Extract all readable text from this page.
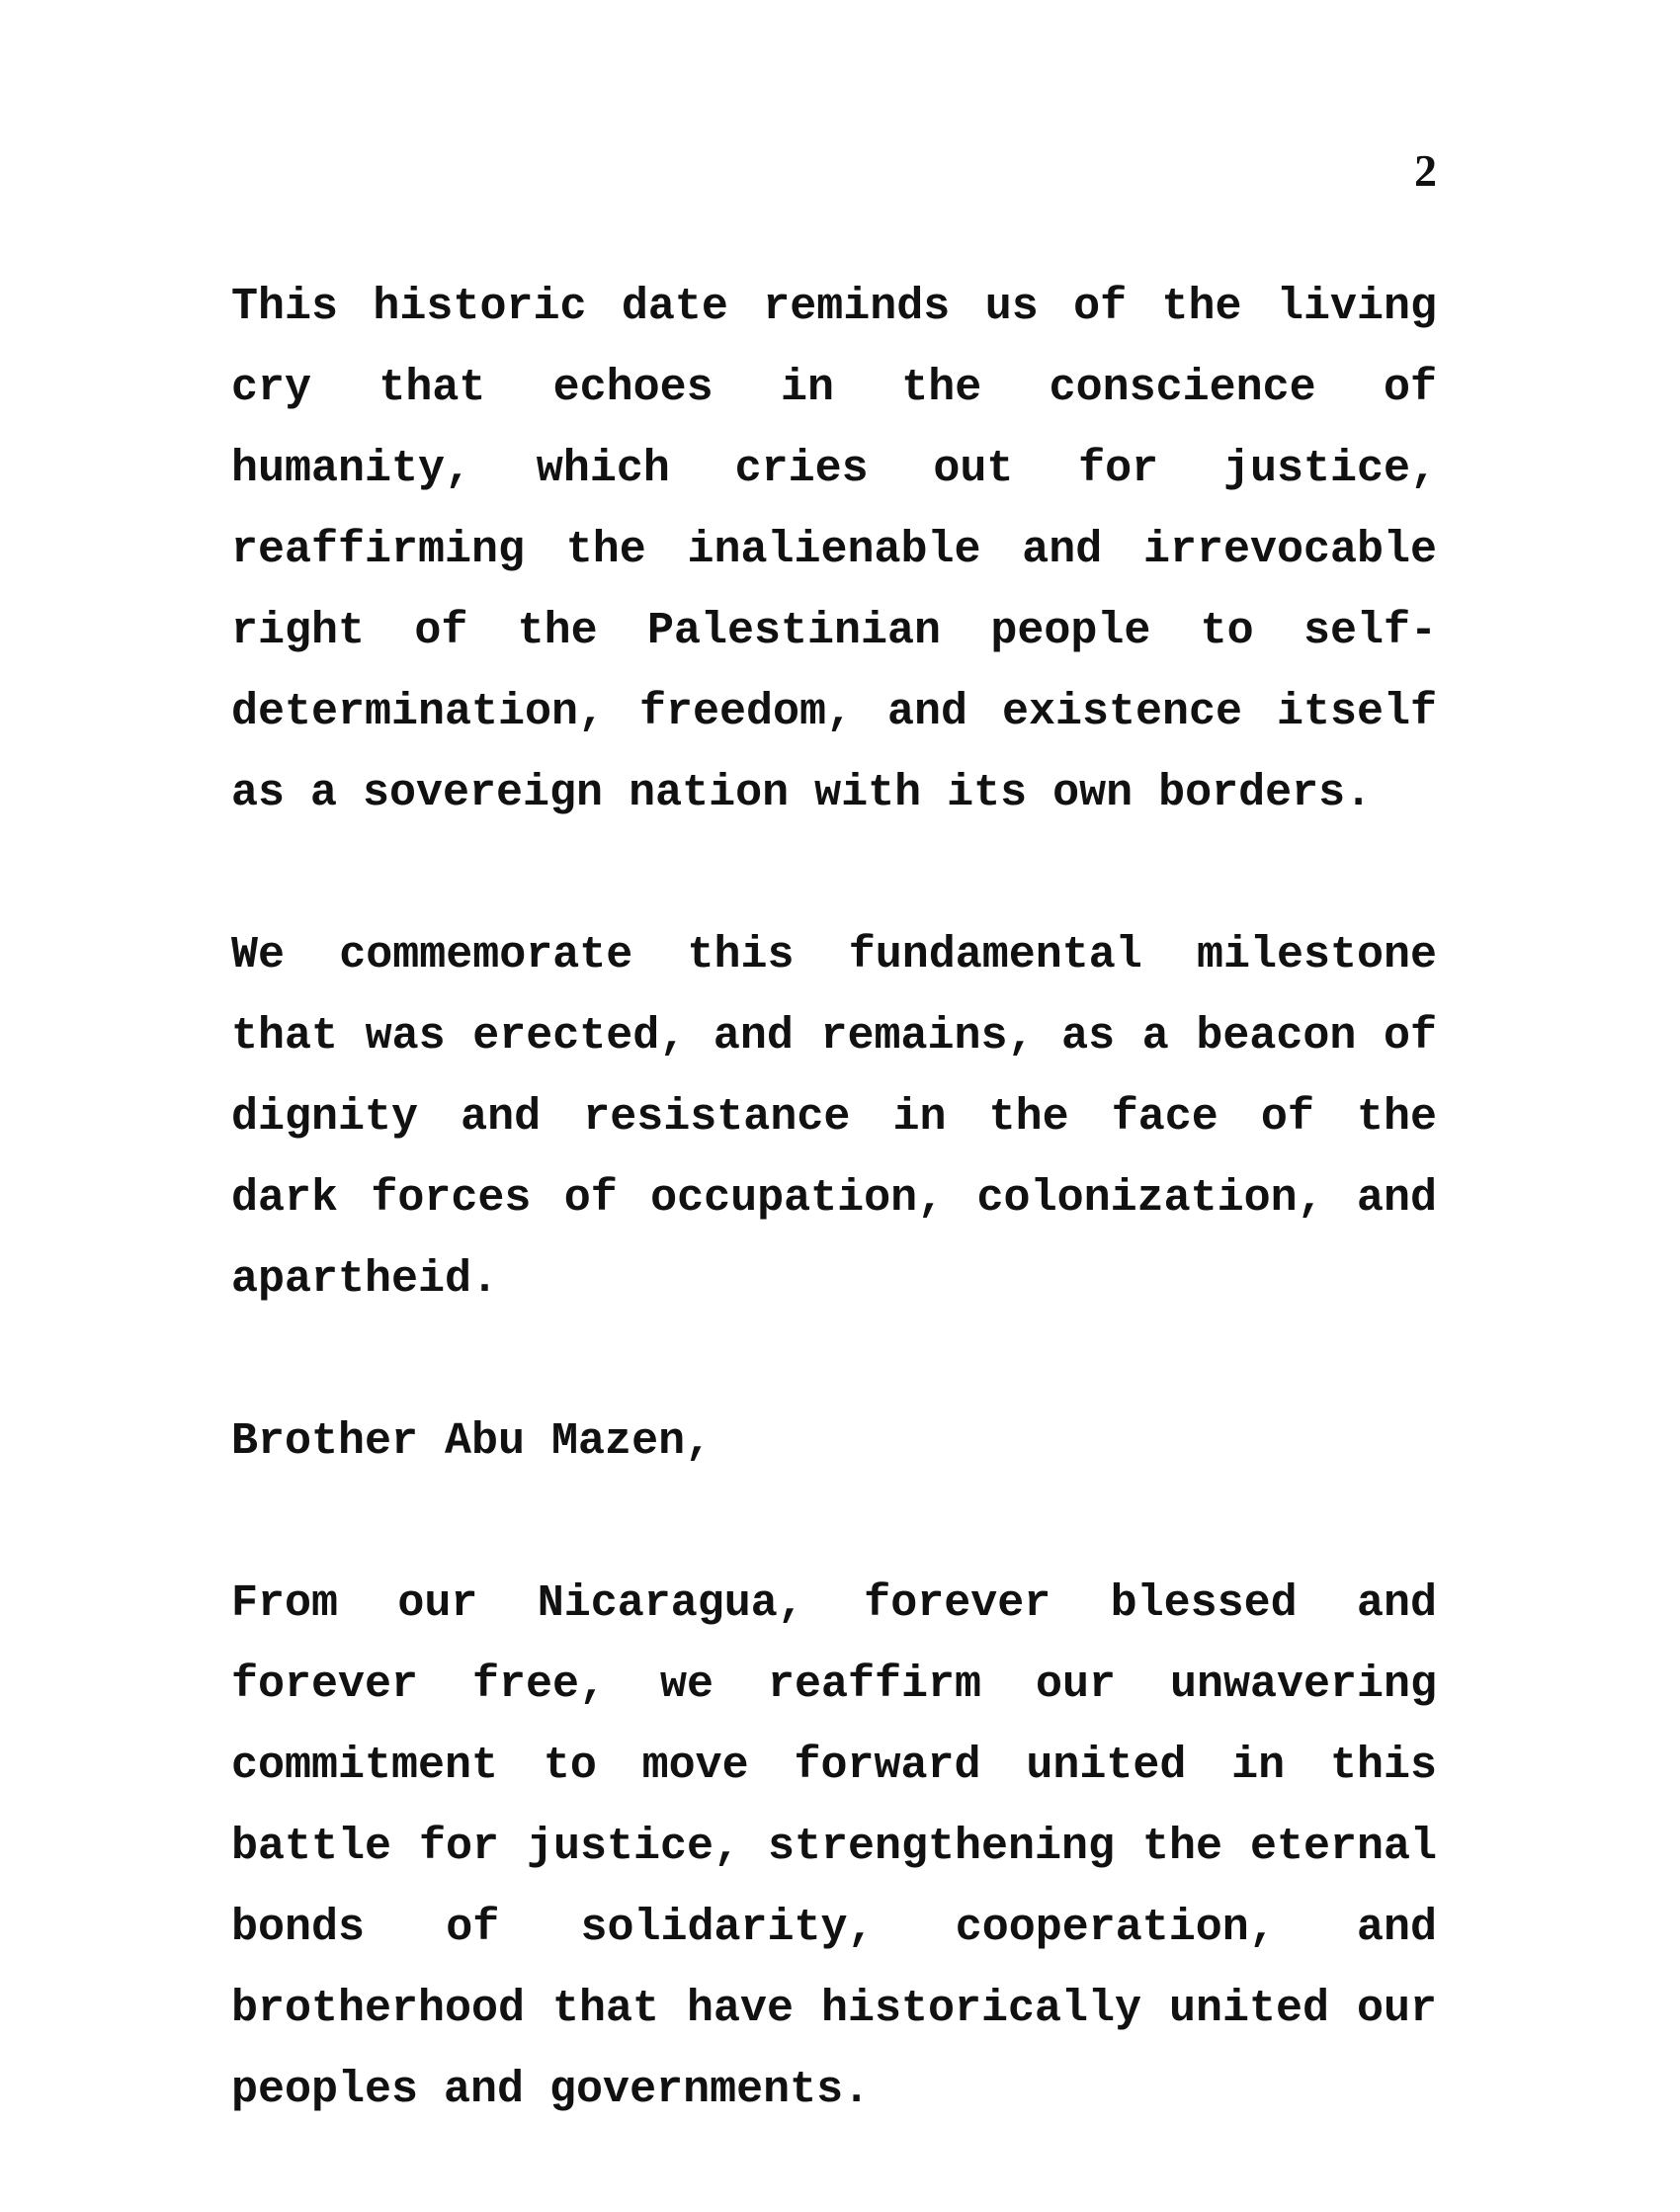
2

This historic date reminds us of the living cry that echoes in the conscience of humanity, which cries out for justice, reaffirming the inalienable and irrevocable right of the Palestinian people to self-determination, freedom, and existence itself as a sovereign nation with its own borders.

We commemorate this fundamental milestone that was erected, and remains, as a beacon of dignity and resistance in the face of the dark forces of occupation, colonization, and apartheid.

Brother Abu Mazen,

From our Nicaragua, forever blessed and forever free, we reaffirm our unwavering commitment to move forward united in this battle for justice, strengthening the eternal bonds of solidarity, cooperation, and brotherhood that have historically united our peoples and governments.
